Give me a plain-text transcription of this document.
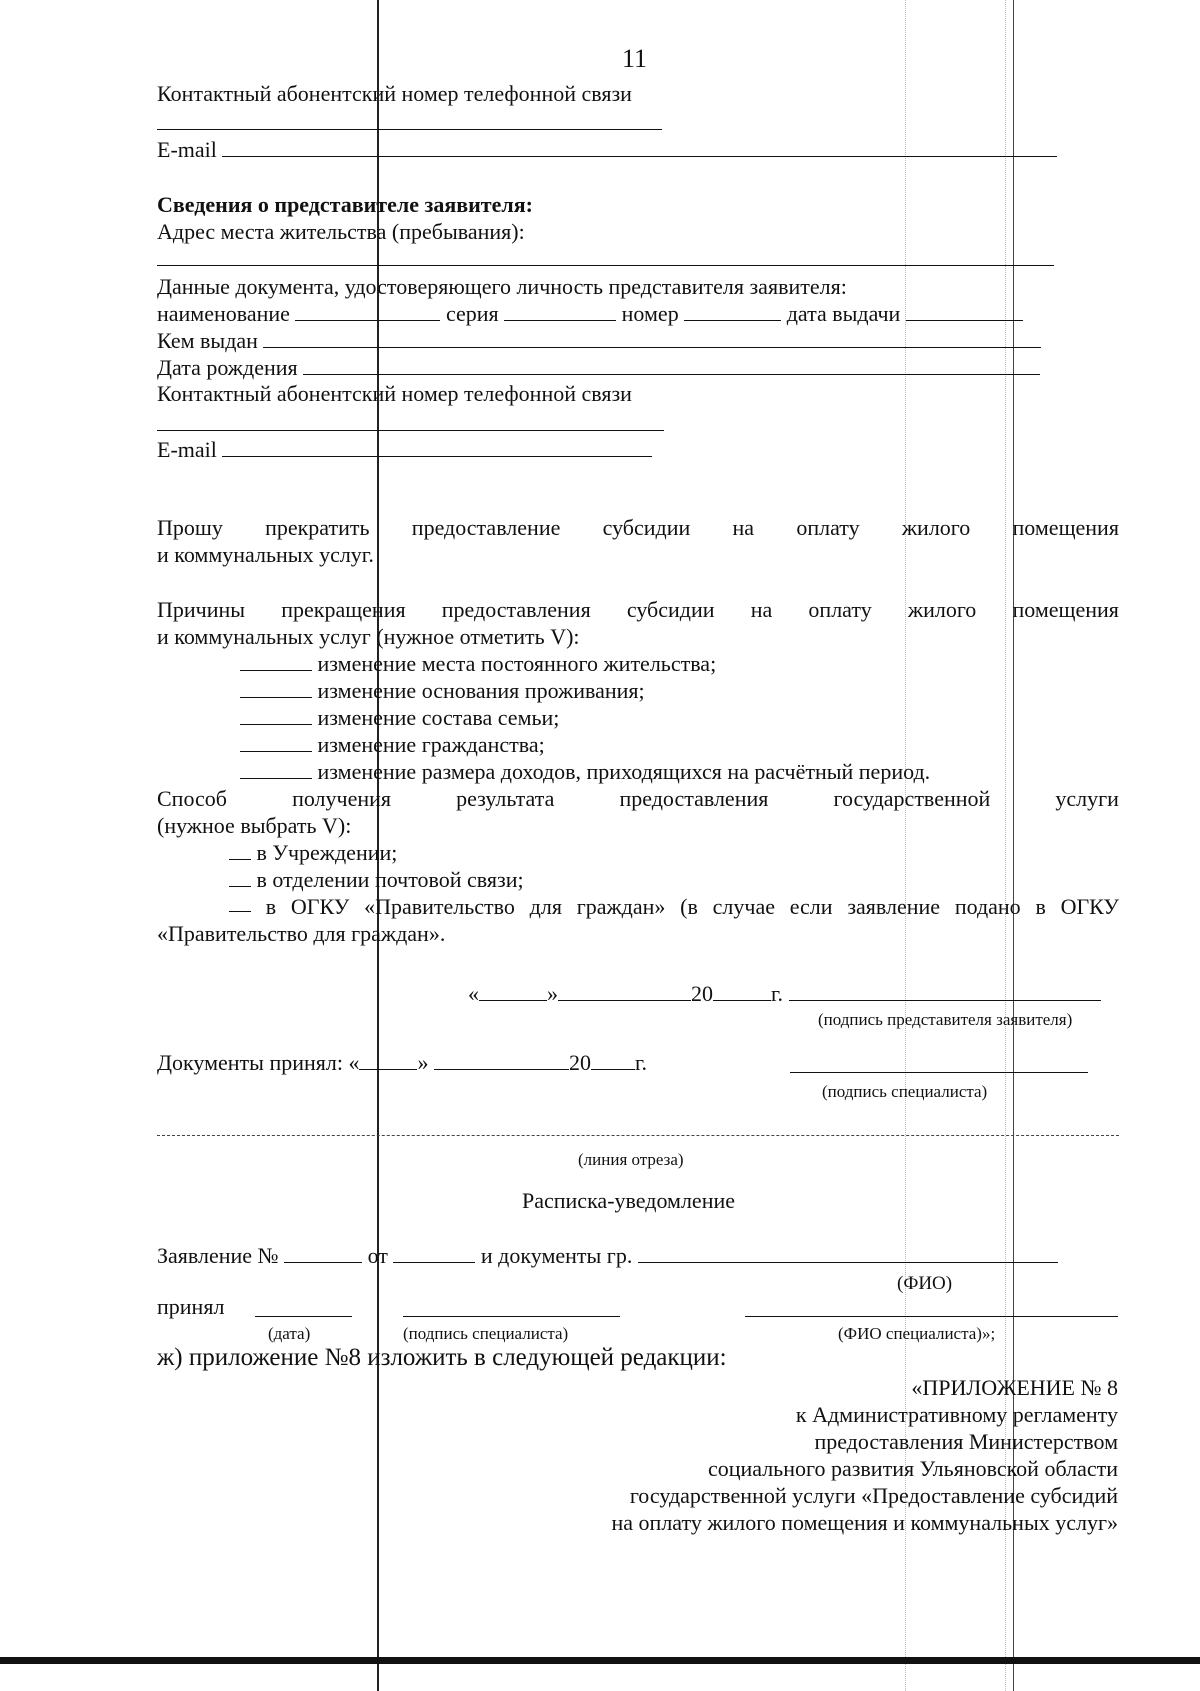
11
Контактный абонентский номер телефонной связи
E-mail
Сведения о представителе заявителя:
Адрес места жительства (пребывания):
Данные документа, удостоверяющего личность представителя заявителя:
наименование	серия	номер	дата выдачи
Кем выдан
Дата рождения
Контактный абонентский номер телефонной связи
E-mail
Прошу прекратить предоставление субсидии на оплату жилого помещения
и коммунальных услуг.
Причины прекращения предоставления субсидии на оплату жилого помещения
и коммунальных услуг (нужное отметить V):
изменение места постоянного жительства;
изменение основания проживания;
изменение состава семьи;
изменение гражданства;
изменение размера доходов, приходящихся на расчётный период.
Способ	получения	результата	предоставления	государственной	услуги
(нужное выбрать V):
в Учреждении;
в отделении почтовой связи;
в ОГКУ «Правительство для граждан» (в случае если заявление подано в ОГКУ
«Правительство для граждан».
«	»	20	г.
(подпись представителя заявителя)
Документы принял: «	»	20 г.
(подпись специалиста)
(линия отреза)
Расписка-уведомление
Заявление №	от	и документы гр.
(ФИО)
принял
(дата)	(подпись специалиста)	(ФИО специалиста)»;
ж) приложение №8 изложить в следующей редакции:
«ПРИЛОЖЕНИЕ № 8
к Административному регламенту
предоставления Министерством
социального развития Ульяновской области
государственной услуги «Предоставление субсидий
на оплату жилого помещения и коммунальных услуг»
